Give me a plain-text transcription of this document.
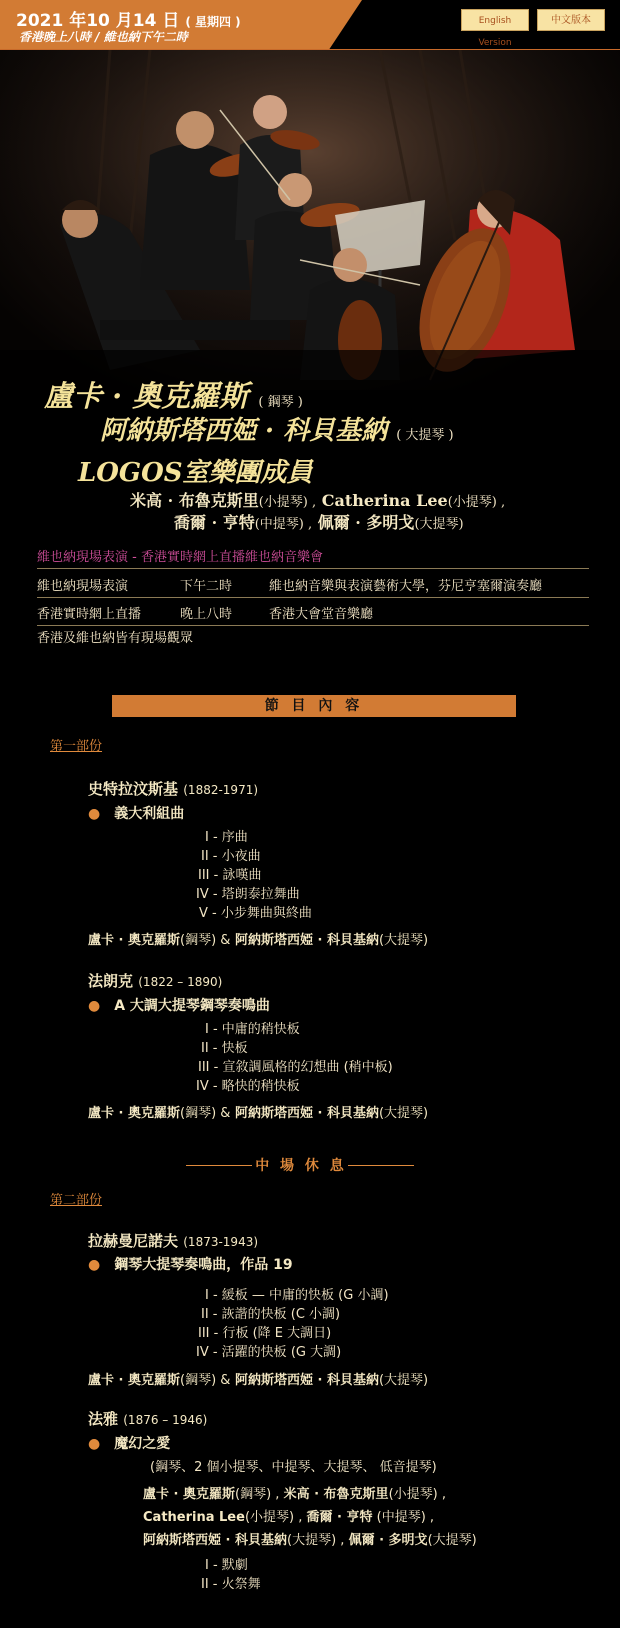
2021 年10 月14 日 ( 星期四 )
香港晚上八時 / 維也納下午二時
English Version
中文版本
盧卡 · 奧克羅斯 ( 鋼琴 )
阿納斯塔西婭 · 科貝基納 ( 大提琴 )
LOGOS室樂團成員
米高 · 布魯克斯里(小提琴) , Catherina Lee(小提琴) ,
喬爾 · 亨特(中提琴) , 佩爾 · 多明戈(大提琴)
維也納現場表演 - 香港實時網上直播維也納音樂會
維也納現場表演	下午二時	維也納音樂與表演藝術大學，芬尼亨塞爾演奏廳
香港實時網上直播	晚上八時	香港大會堂音樂廳
香港及維也納皆有現場觀眾
節 目 內 容
第一部份
史特拉汶斯基 (1882-1971)
● 義大利組曲
I - 序曲
II - 小夜曲
III - 詠嘆曲
IV - 塔朗泰拉舞曲
V - 小步舞曲與終曲
盧卡 · 奧克羅斯(鋼琴) & 阿納斯塔西婭 · 科貝基納(大提琴)
法朗克 (1822 – 1890)
● A 大調大提琴鋼琴奏鳴曲
I - 中庸的稍快板
II - 快板
III - 宣敘調風格的幻想曲 (稍中板)
IV - 略快的稍快板
盧卡 · 奧克羅斯(鋼琴) & 阿納斯塔西婭 · 科貝基納(大提琴)
中 場 休 息
第二部份
拉赫曼尼諾夫 (1873-1943)
● 鋼琴大提琴奏鳴曲，作品 19
I - 緩板 — 中庸的快板 (G 小調)
II - 詼諧的快板 (C 小調)
III - 行板 (降 E 大調日)
IV - 活躍的快板 (G 大調)
盧卡 · 奧克羅斯(鋼琴) & 阿納斯塔西婭 · 科貝基納(大提琴)
法雅 (1876 – 1946)
● 魔幻之愛
(鋼琴、2 個小提琴、中提琴、大提琴、 低音提琴)
盧卡 · 奧克羅斯(鋼琴) , 米高 · 布魯克斯里(小提琴) ,
Catherina Lee(小提琴) , 喬爾 · 亨特 (中提琴) ,
阿納斯塔西婭 · 科貝基納(大提琴) , 佩爾 · 多明戈(大提琴)
I - 默劇
II - 火祭舞
